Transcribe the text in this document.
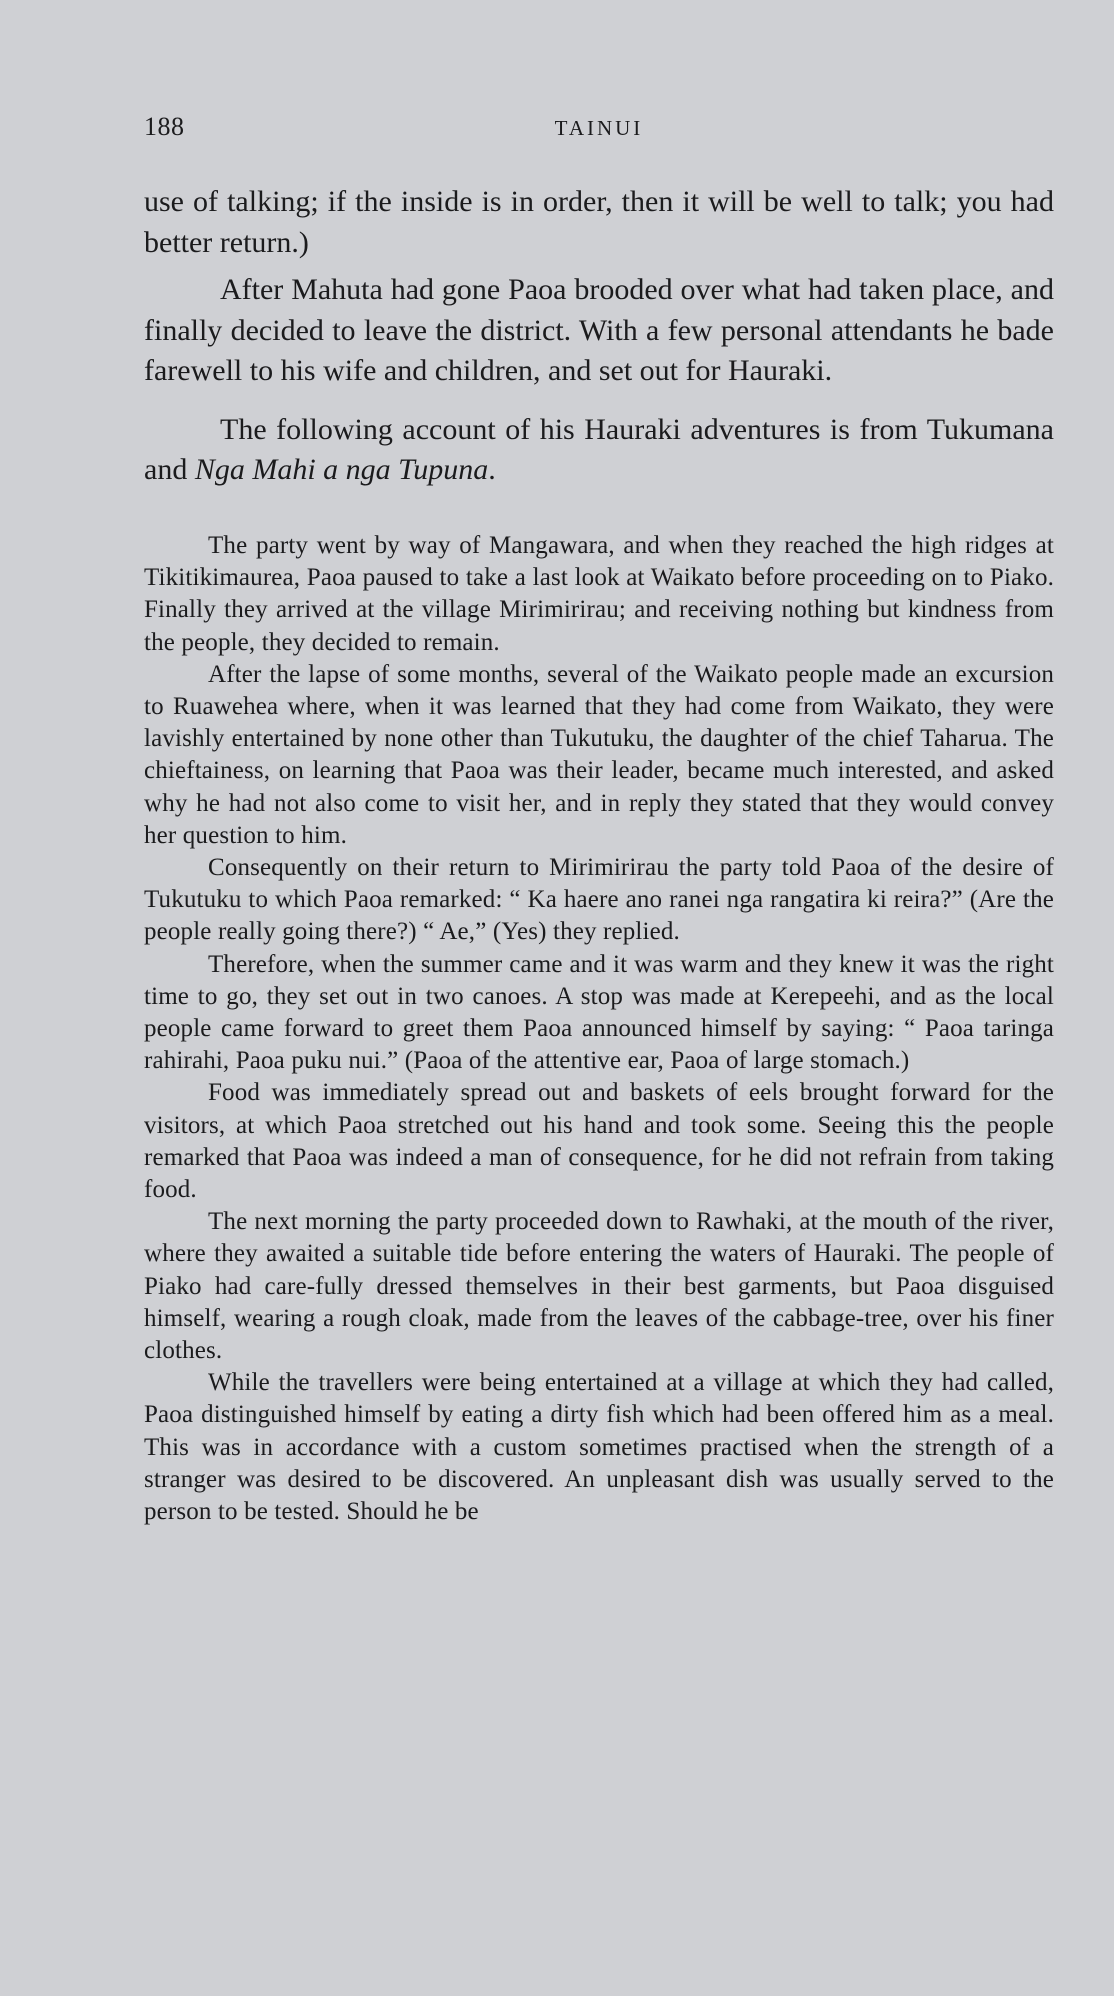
188	TAINUI

use of talking; if the inside is in order, then it will be well to talk; you had better return.)

After Mahuta had gone Paoa brooded over what had taken place, and finally decided to leave the district. With a few personal attendants he bade farewell to his wife and children, and set out for Hauraki.

The following account of his Hauraki adventures is from Tukumana and Nga Mahi a nga Tupuna.

The party went by way of Mangawara, and when they reached the high ridges at Tikitikimaurea, Paoa paused to take a last look at Waikato before proceeding on to Piako. Finally they arrived at the village Mirimirirau; and receiving nothing but kindness from the people, they decided to remain.

After the lapse of some months, several of the Waikato people made an excursion to Ruawehea where, when it was learned that they had come from Waikato, they were lavishly entertained by none other than Tukutuku, the daughter of the chief Taharua. The chieftainess, on learning that Paoa was their leader, became much interested, and asked why he had not also come to visit her, and in reply they stated that they would convey her question to him.

Consequently on their return to Mirimirirau the party told Paoa of the desire of Tukutuku to which Paoa remarked: “ Ka haere ano ranei nga rangatira ki reira?” (Are the people really going there?) “ Ae,” (Yes) they replied.

Therefore, when the summer came and it was warm and they knew it was the right time to go, they set out in two canoes. A stop was made at Kerepeehi, and as the local people came forward to greet them Paoa announced himself by saying: “ Paoa taringa rahirahi, Paoa puku nui.” (Paoa of the attentive ear, Paoa of large stomach.)

Food was immediately spread out and baskets of eels brought forward for the visitors, at which Paoa stretched out his hand and took some. Seeing this the people remarked that Paoa was indeed a man of consequence, for he did not refrain from taking food.

The next morning the party proceeded down to Rawhaki, at the mouth of the river, where they awaited a suitable tide before entering the waters of Hauraki. The people of Piako had care-fully dressed themselves in their best garments, but Paoa disguised himself, wearing a rough cloak, made from the leaves of the cabbage-tree, over his finer clothes.

While the travellers were being entertained at a village at which they had called, Paoa distinguished himself by eating a dirty fish which had been offered him as a meal. This was in accordance with a custom sometimes practised when the strength of a stranger was desired to be discovered. An unpleasant dish was usually served to the person to be tested. Should he be
